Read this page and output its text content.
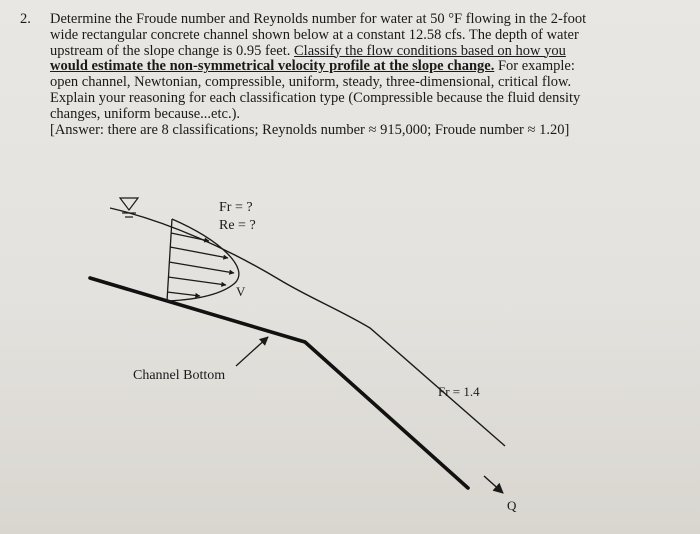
2. Determine the Froude number and Reynolds number for water at 50 °F flowing in the 2-foot
wide rectangular concrete channel shown below at a constant 12.58 cfs. The depth of water
upstream of the slope change is 0.95 feet. Classify the flow conditions based on how you
would estimate the non-symmetrical velocity profile at the slope change. For example:
open channel, Newtonian, compressible, uniform, steady, three-dimensional, critical flow.
Explain your reasoning for each classification type (Compressible because the fluid density
changes, uniform because...etc.).
[Answer: there are 8 classifications; Reynolds number ≈ 915,000; Froude number ≈ 1.20]
Fr = ?
Re = ?
V
Channel Bottom
Fr = 1.4
Q
